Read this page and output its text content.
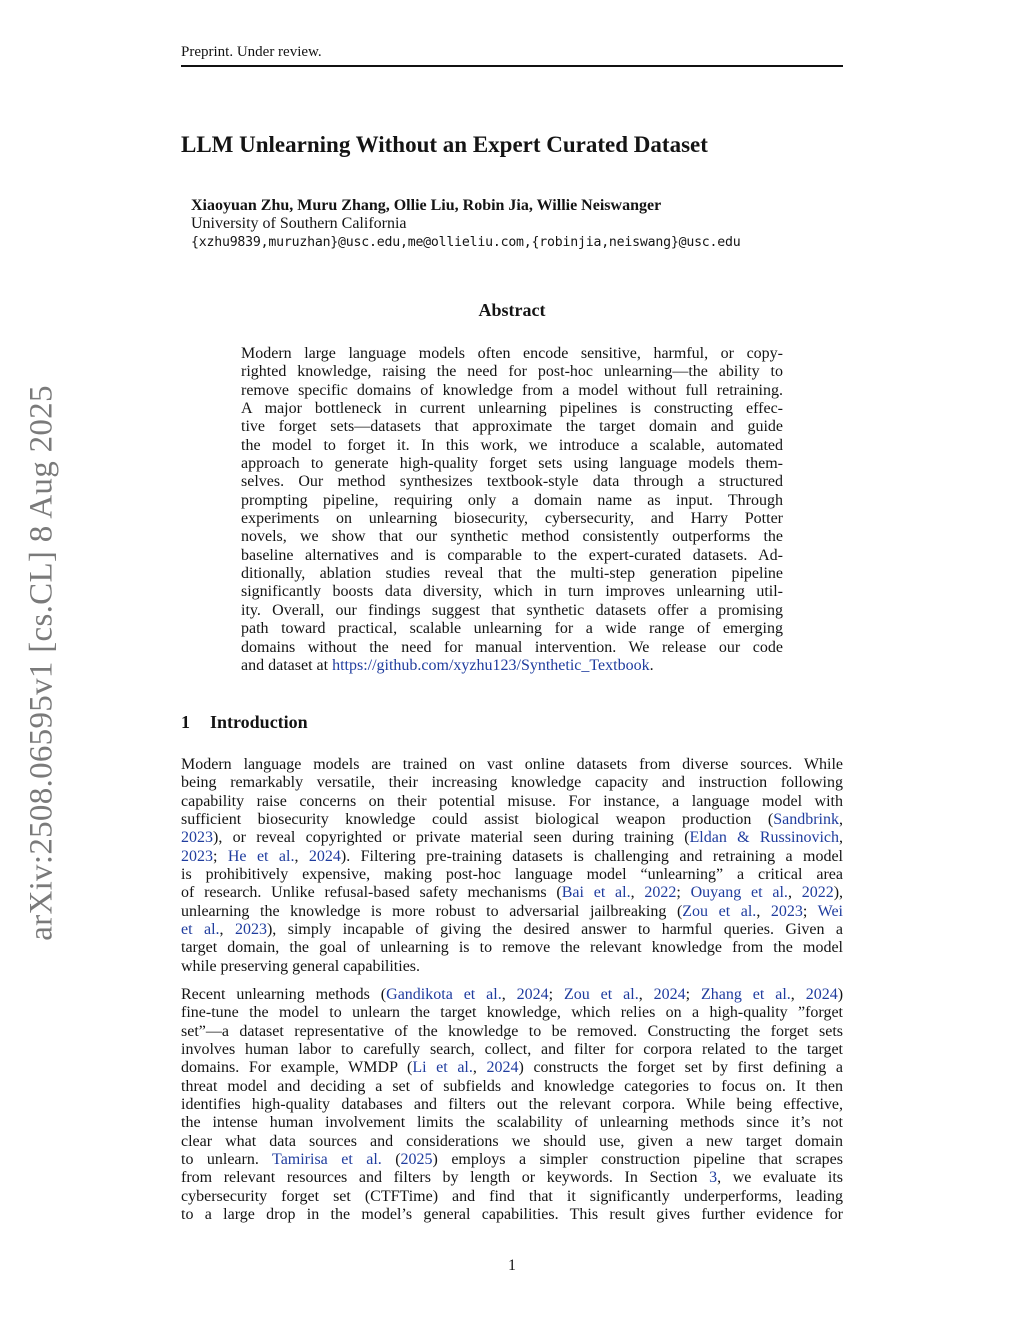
Preprint. Under review.
arXiv:2508.06595v1 [cs.CL] 8 Aug 2025
LLM Unlearning Without an Expert Curated Dataset
Xiaoyuan Zhu, Muru Zhang, Ollie Liu, Robin Jia, Willie Neiswanger
University of Southern California
{xzhu9839,muruzhan}@usc.edu,me@ollieliu.com,{robinjia,neiswang}@usc.edu
Abstract
Modern large language models often encode sensitive, harmful, or copy-
righted knowledge, raising the need for post-hoc unlearning—the ability to
remove specific domains of knowledge from a model without full retraining.
A major bottleneck in current unlearning pipelines is constructing effec-
tive forget sets—datasets that approximate the target domain and guide
the model to forget it. In this work, we introduce a scalable, automated
approach to generate high-quality forget sets using language models them-
selves. Our method synthesizes textbook-style data through a structured
prompting pipeline, requiring only a domain name as input. Through
experiments on unlearning biosecurity, cybersecurity, and Harry Potter
novels, we show that our synthetic method consistently outperforms the
baseline alternatives and is comparable to the expert-curated datasets. Ad-
ditionally, ablation studies reveal that the multi-step generation pipeline
significantly boosts data diversity, which in turn improves unlearning util-
ity. Overall, our findings suggest that synthetic datasets offer a promising
path toward practical, scalable unlearning for a wide range of emerging
domains without the need for manual intervention. We release our code
and dataset at https://github.com/xyzhu123/Synthetic_Textbook.
1 Introduction
Modern language models are trained on vast online datasets from diverse sources. While
being remarkably versatile, their increasing knowledge capacity and instruction following
capability raise concerns on their potential misuse. For instance, a language model with
sufficient biosecurity knowledge could assist biological weapon production (Sandbrink,
2023), or reveal copyrighted or private material seen during training (Eldan & Russinovich,
2023; He et al., 2024). Filtering pre-training datasets is challenging and retraining a model
is prohibitively expensive, making post-hoc language model “unlearning” a critical area
of research. Unlike refusal-based safety mechanisms (Bai et al., 2022; Ouyang et al., 2022),
unlearning the knowledge is more robust to adversarial jailbreaking (Zou et al., 2023; Wei
et al., 2023), simply incapable of giving the desired answer to harmful queries. Given a
target domain, the goal of unlearning is to remove the relevant knowledge from the model
while preserving general capabilities.
Recent unlearning methods (Gandikota et al., 2024; Zou et al., 2024; Zhang et al., 2024)
fine-tune the model to unlearn the target knowledge, which relies on a high-quality ”forget
set”—a dataset representative of the knowledge to be removed. Constructing the forget sets
involves human labor to carefully search, collect, and filter for corpora related to the target
domains. For example, WMDP (Li et al., 2024) constructs the forget set by first defining a
threat model and deciding a set of subfields and knowledge categories to focus on. It then
identifies high-quality databases and filters out the relevant corpora. While being effective,
the intense human involvement limits the scalability of unlearning methods since it’s not
clear what data sources and considerations we should use, given a new target domain
to unlearn. Tamirisa et al. (2025) employs a simpler construction pipeline that scrapes
from relevant resources and filters by length or keywords. In Section 3, we evaluate its
cybersecurity forget set (CTFTime) and find that it significantly underperforms, leading
to a large drop in the model’s general capabilities. This result gives further evidence for
1
